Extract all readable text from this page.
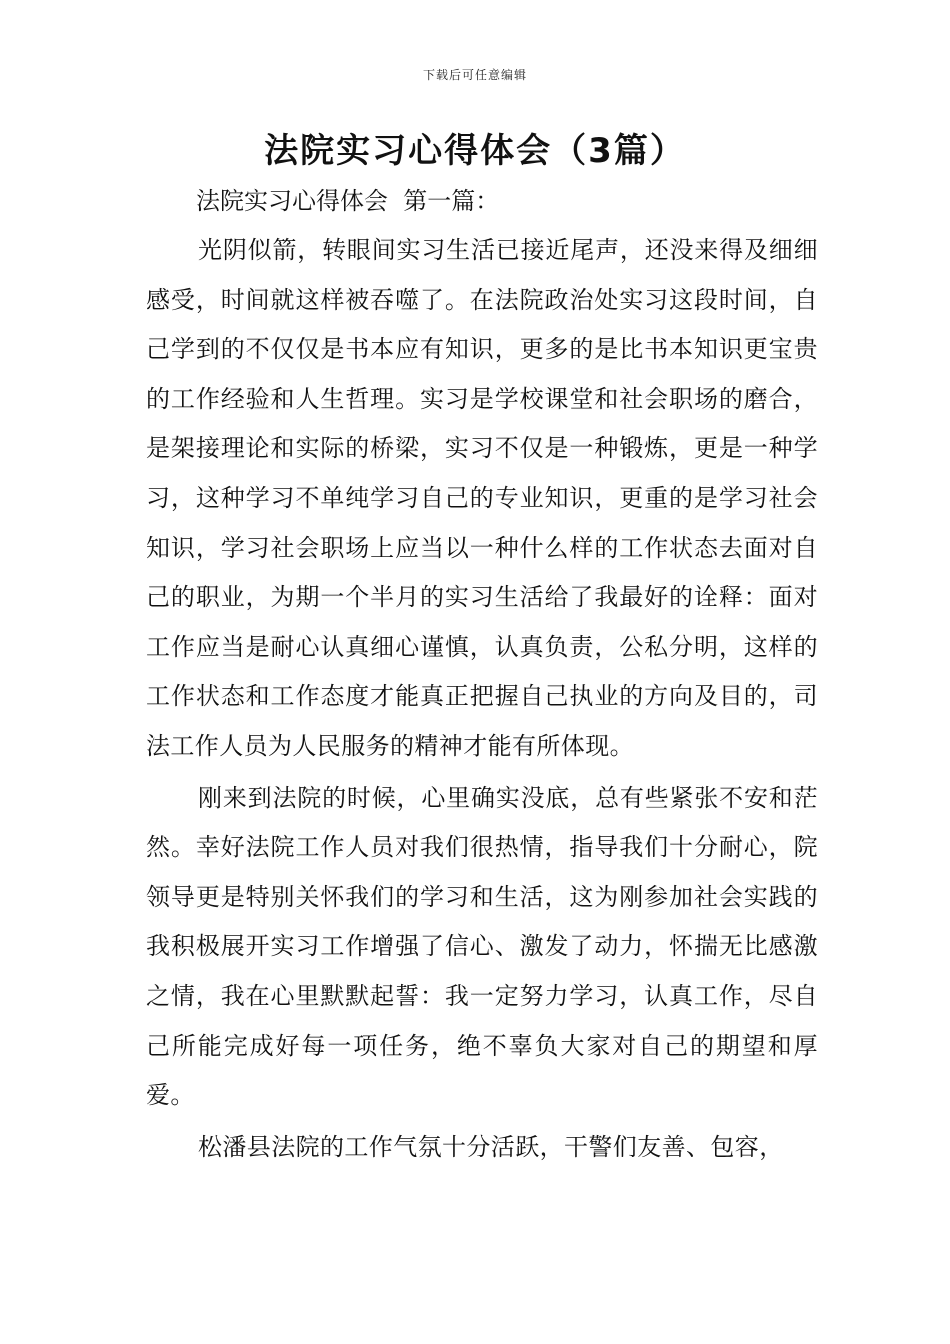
下载后可任意编辑
法院实习心得体会（3篇）
法院实习心得体会  第一篇：

光阴似箭，转眼间实习生活已接近尾声，还没来得及细细感受，时间就这样被吞噬了。在法院政治处实习这段时间，自己学到的不仅仅是书本应有知识，更多的是比书本知识更宝贵的工作经验和人生哲理。实习是学校课堂和社会职场的磨合，是架接理论和实际的桥梁，实习不仅是一种锻炼，更是一种学习，这种学习不单纯学习自己的专业知识，更重的是学习社会知识，学习社会职场上应当以一种什么样的工作状态去面对自己的职业，为期一个半月的实习生活给了我最好的诠释：面对工作应当是耐心认真细心谨慎，认真负责，公私分明，这样的工作状态和工作态度才能真正把握自己执业的方向及目的，司法工作人员为人民服务的精神才能有所体现。

刚来到法院的时候，心里确实没底，总有些紧张不安和茫然。幸好法院工作人员对我们很热情，指导我们十分耐心，院领导更是特别关怀我们的学习和生活，这为刚参加社会实践的我积极展开实习工作增强了信心、激发了动力，怀揣无比感激之情，我在心里默默起誓：我一定努力学习，认真工作，尽自己所能完成好每一项任务，绝不辜负大家对自己的期望和厚爱。

松潘县法院的工作气氛十分活跃，干警们友善、包容，
